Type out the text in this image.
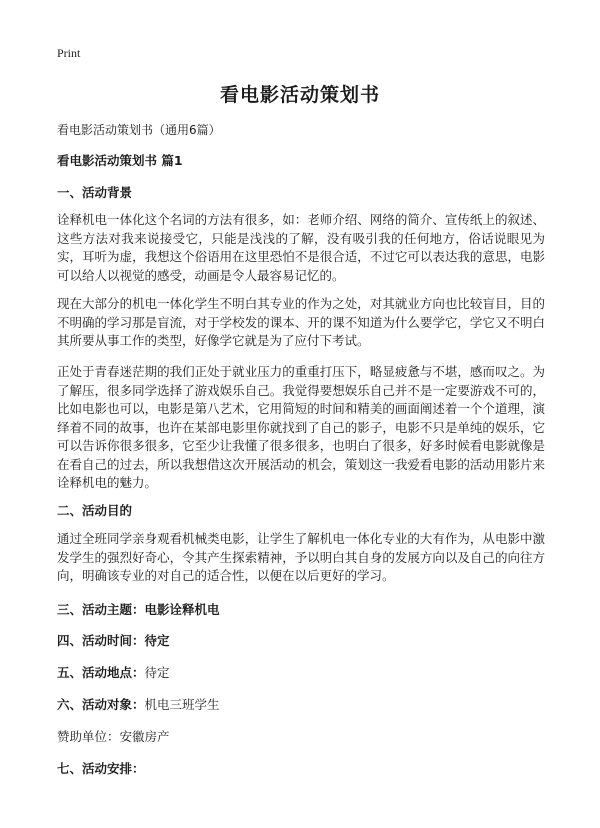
Print
看电影活动策划书
看电影活动策划书（通用6篇）
看电影活动策划书 篇1
一、活动背景
诠释机电一体化这个名词的方法有很多，如：老师介绍、网络的简介、宣传纸上的叙述、这些方法对我来说接受它，只能是浅浅的了解，没有吸引我的任何地方，俗话说眼见为实，耳听为虚，我想这个俗语用在这里恐怕不是很合适，不过它可以表达我的意思，电影可以给人以视觉的感受，动画是令人最容易记忆的。
现在大部分的机电一体化学生不明白其专业的作为之处，对其就业方向也比较盲目，目的不明确的学习那是盲流，对于学校发的课本、开的课不知道为什么要学它，学它又不明白其所要从事工作的类型，好像学它就是为了应付下考试。
正处于青春迷茫期的我们正处于就业压力的重重打压下，略显疲惫与不堪，感而叹之。为了解压，很多同学选择了游戏娱乐自己。我觉得要想娱乐自己并不是一定要游戏不可的，比如电影也可以，电影是第八艺术，它用简短的时间和精美的画面阐述着一个个道理，演绎着不同的故事，也许在某部电影里你就找到了自己的影子，电影不只是单纯的娱乐，它可以告诉你很多很多，它至少让我懂了很多很多，也明白了很多，好多时候看电影就像是在看自己的过去，所以我想借这次开展活动的机会，策划这一我爱看电影的活动用影片来诠释机电的魅力。
二、活动目的
通过全班同学亲身观看机械类电影，让学生了解机电一体化专业的大有作为，从电影中激发学生的强烈好奇心，令其产生探索精神，予以明白其自身的发展方向以及自己的向往方向，明确该专业的对自己的适合性，以便在以后更好的学习。
三、活动主题：电影诠释机电
四、活动时间：待定
五、活动地点：待定
六、活动对象：机电三班学生
赞助单位：安徽房产
七、活动安排：
